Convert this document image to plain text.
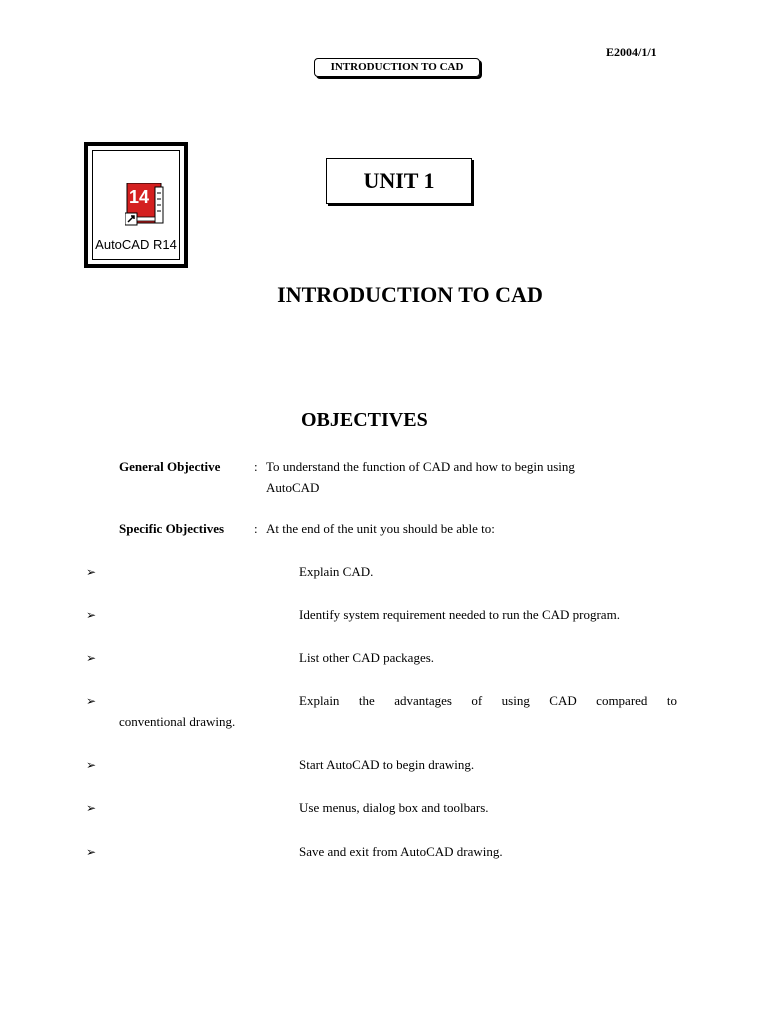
E2004/1/1
INTRODUCTION TO CAD
14
AutoCAD R14
UNIT 1
INTRODUCTION TO CAD
OBJECTIVES
General Objective	: To understand the function of CAD and how to begin using
AutoCAD
Specific Objectives : At the end of the unit you should be able to:
➢	Explain CAD.
➢	Identify system requirement needed to run the CAD program.
➢	List other CAD packages.
➢	Explain the advantages of using CAD compared to
conventional drawing.
➢	Start AutoCAD to begin drawing.
➢	Use menus, dialog box and toolbars.
➢	Save and exit from AutoCAD drawing.
